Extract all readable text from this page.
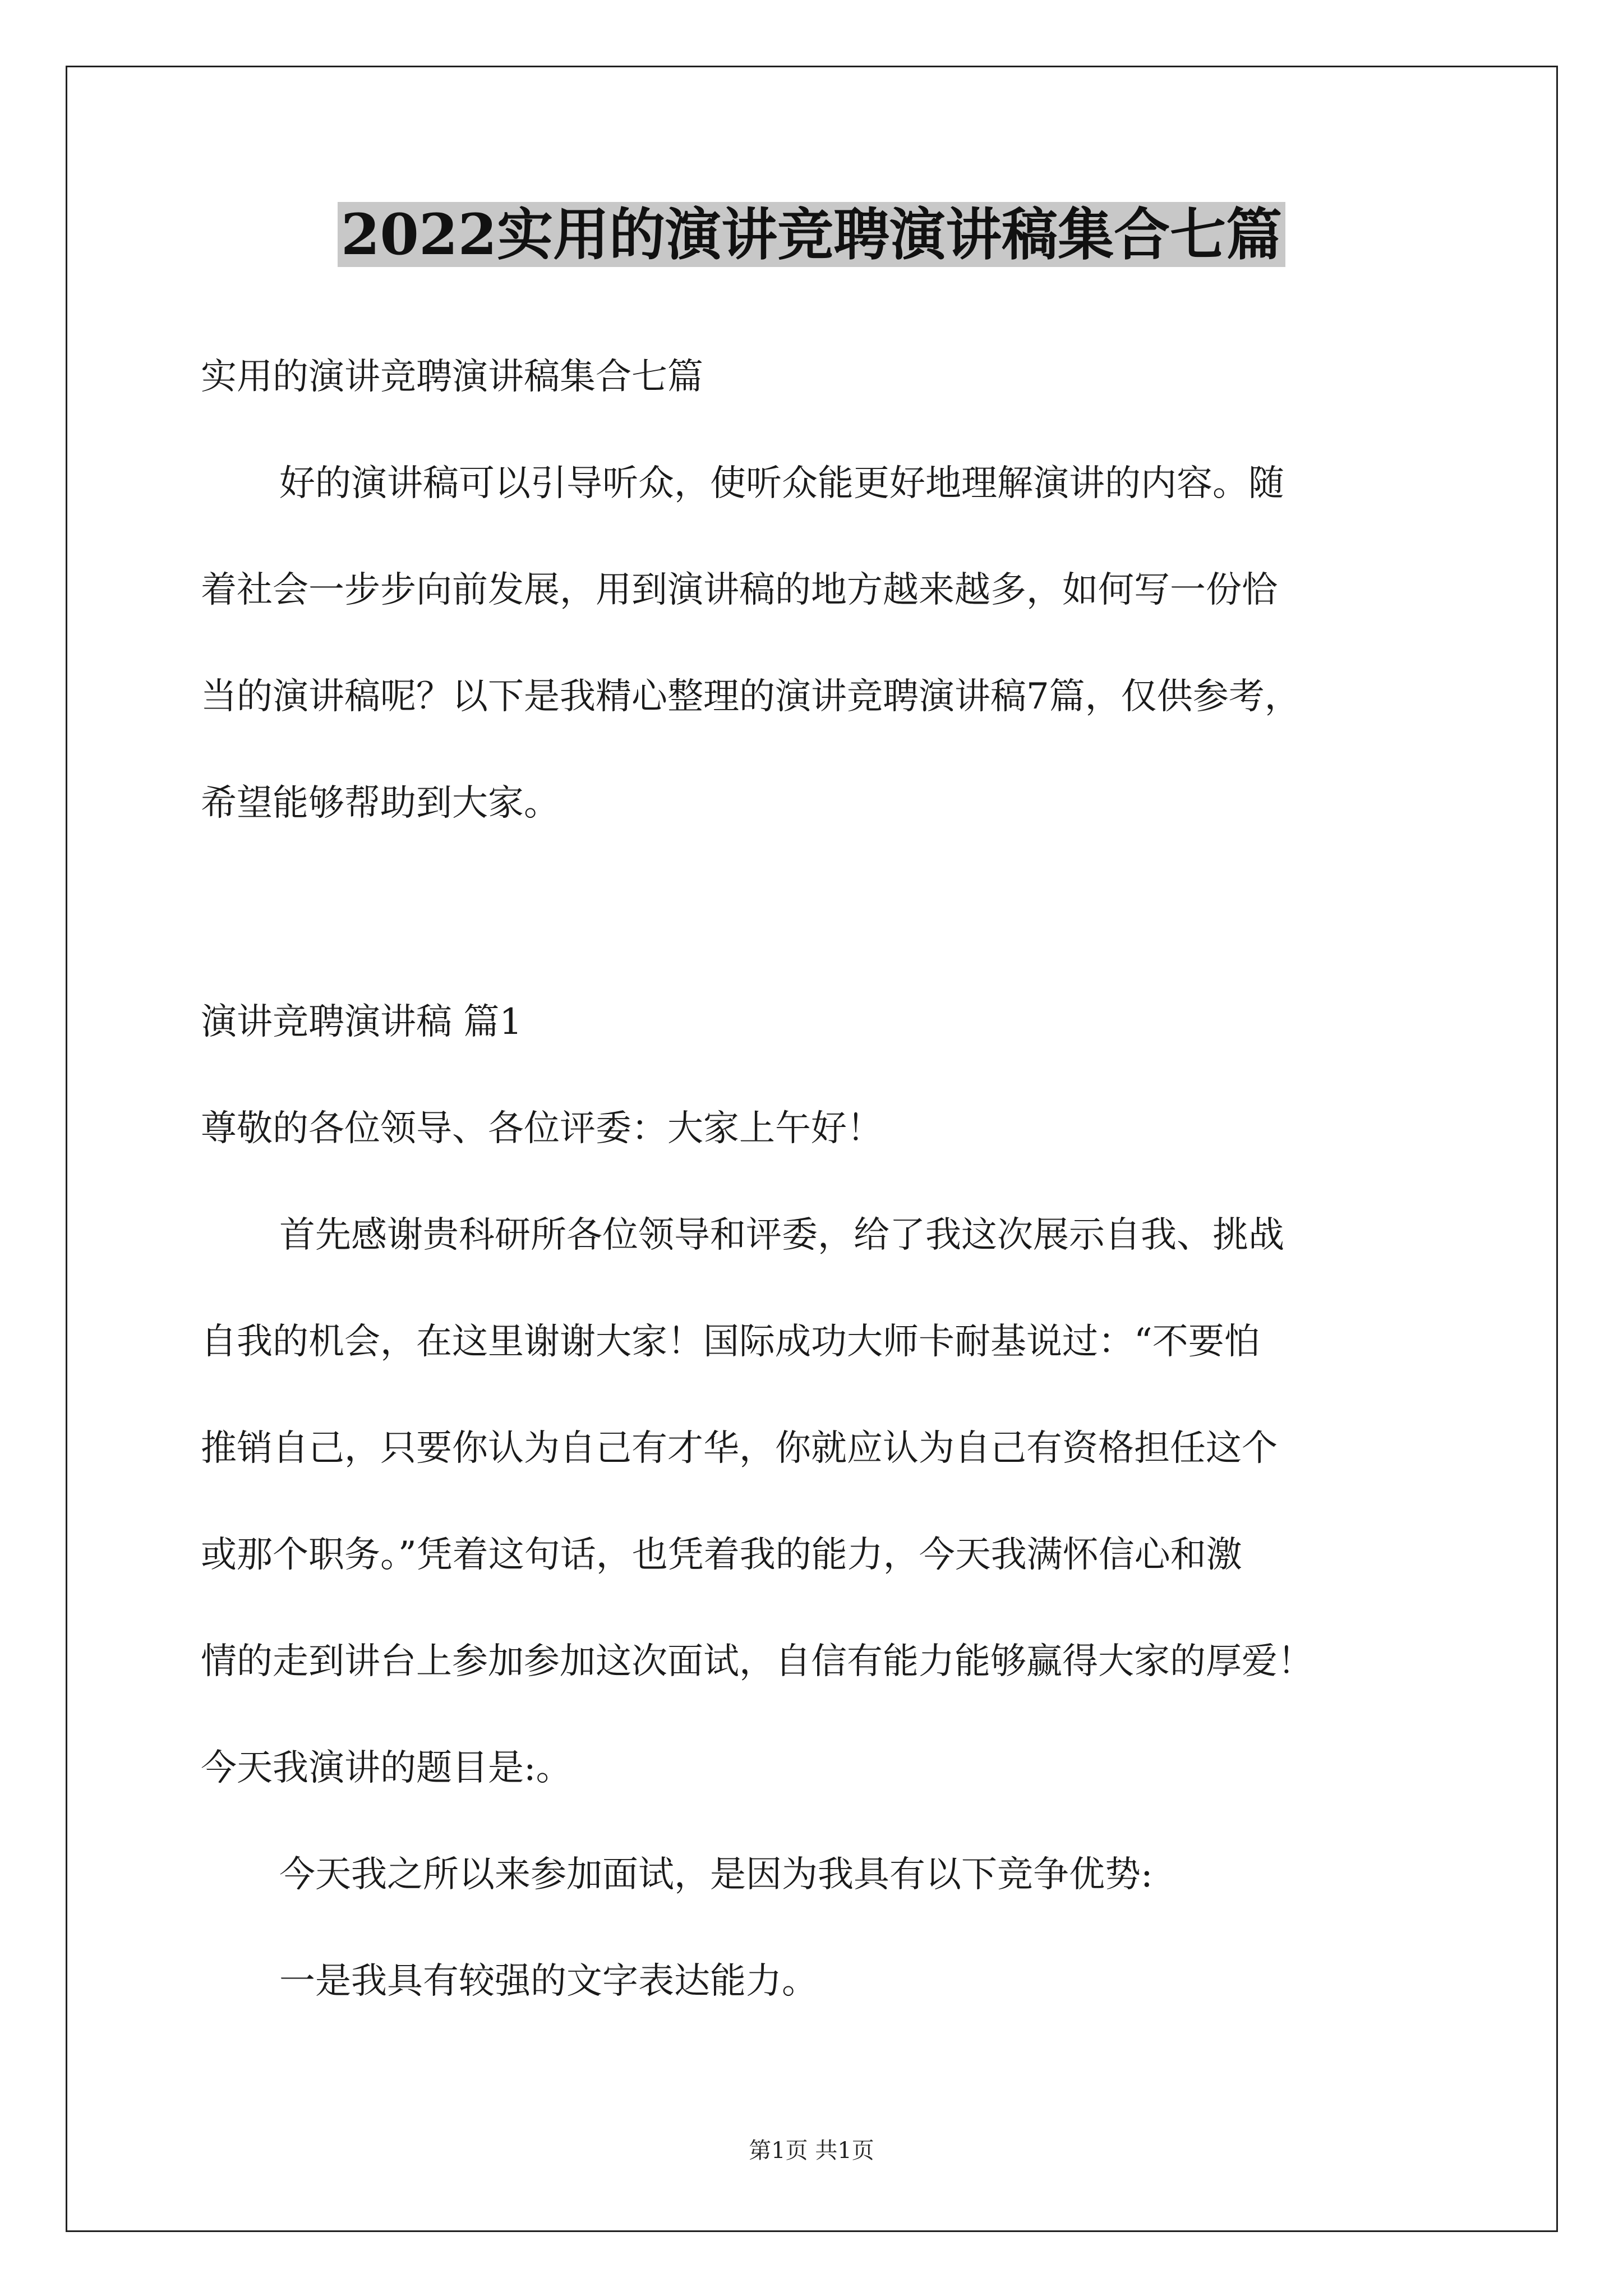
2022实用的演讲竞聘演讲稿集合七篇
实用的演讲竞聘演讲稿集合七篇
好的演讲稿可以引导听众，使听众能更好地理解演讲的内容。随
着社会一步步向前发展，用到演讲稿的地方越来越多，如何写一份恰
当的演讲稿呢？以下是我精心整理的演讲竞聘演讲稿7篇，仅供参考，
希望能够帮助到大家。
演讲竞聘演讲稿 篇1
尊敬的各位领导、各位评委：大家上午好！
首先感谢贵科研所各位领导和评委，给了我这次展示自我、挑战
自我的机会，在这里谢谢大家！国际成功大师卡耐基说过：“不要怕
推销自己，只要你认为自己有才华，你就应认为自己有资格担任这个
或那个职务。”凭着这句话，也凭着我的能力，今天我满怀信心和激
情的走到讲台上参加参加这次面试，自信有能力能够赢得大家的厚爱！
今天我演讲的题目是:。
今天我之所以来参加面试，是因为我具有以下竞争优势:
一是我具有较强的文字表达能力。
第1页 共1页
